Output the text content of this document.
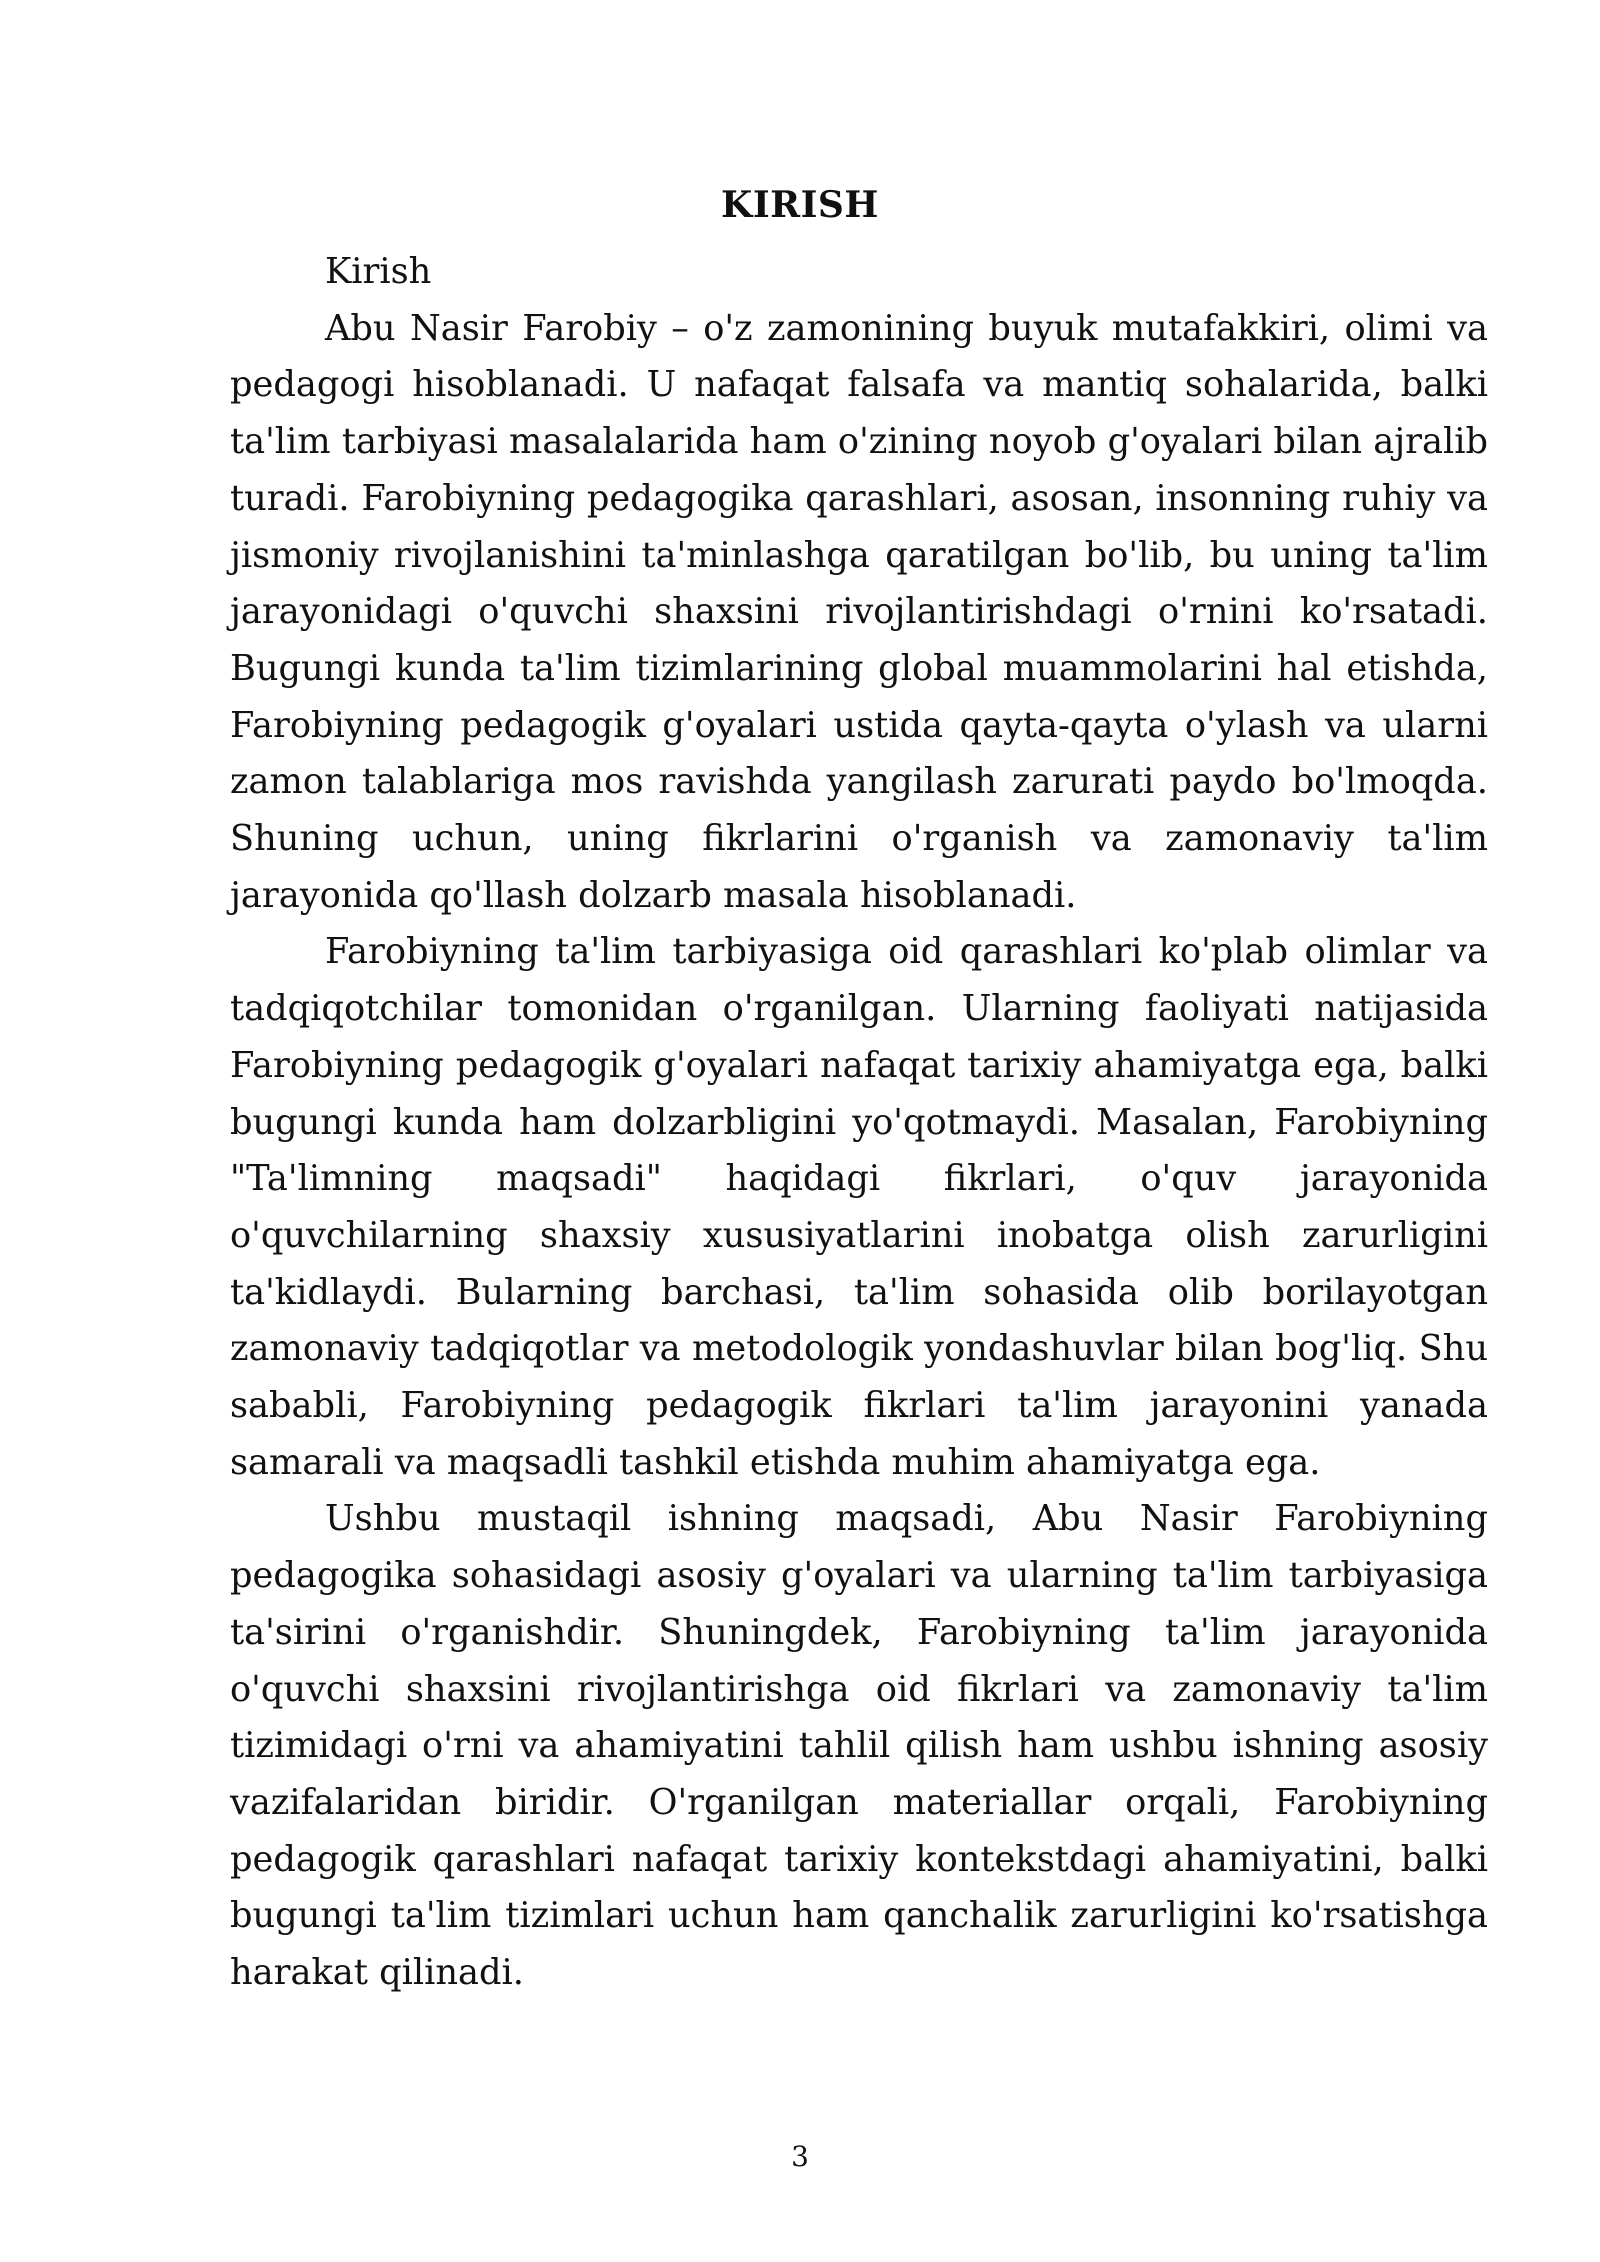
KIRISH

Kirish

Abu Nasir Farobiy – o'z zamonining buyuk mutafakkiri, olimi va pedagogi hisoblanadi. U nafaqat falsafa va mantiq sohalarida, balki ta'lim tarbiyasi masalalarida ham o'zining noyob g'oyalari bilan ajralib turadi. Farobiyning pedagogika qarashlari, asosan, insonning ruhiy va jismoniy rivojlanishini ta'minlashga qaratilgan bo'lib, bu uning ta'lim jarayonidagi o'quvchi shaxsini rivojlantirishdagi o'rnini ko'rsatadi. Bugungi kunda ta'lim tizimlarining global muammolarini hal etishda, Farobiyning pedagogik g'oyalari ustida qayta-qayta o'ylash va ularni zamon talablariga mos ravishda yangilash zarurati paydo bo'lmoqda. Shuning uchun, uning fikrlarini o'rganish va zamonaviy ta'lim jarayonida qo'llash dolzarb masala hisoblanadi.

Farobiyning ta'lim tarbiyasiga oid qarashlari ko'plab olimlar va tadqiqotchilar tomonidan o'rganilgan. Ularning faoliyati natijasida Farobiyning pedagogik g'oyalari nafaqat tarixiy ahamiyatga ega, balki bugungi kunda ham dolzarbligini yo'qotmaydi. Masalan, Farobiyning "Ta'limning maqsadi" haqidagi fikrlari, o'quv jarayonida o'quvchilarning shaxsiy xususiyatlarini inobatga olish zarurligini ta'kidlaydi. Bularning barchasi, ta'lim sohasida olib borilayotgan zamonaviy tadqiqotlar va metodologik yondashuvlar bilan bog'liq. Shu sababli, Farobiyning pedagogik fikrlari ta'lim jarayonini yanada samarali va maqsadli tashkil etishda muhim ahamiyatga ega.

Ushbu mustaqil ishning maqsadi, Abu Nasir Farobiyning pedagogika sohasidagi asosiy g'oyalari va ularning ta'lim tarbiyasiga ta'sirini o'rganishdir. Shuningdek, Farobiyning ta'lim jarayonida o'quvchi shaxsini rivojlantirishga oid fikrlari va zamonaviy ta'lim tizimidagi o'rni va ahamiyatini tahlil qilish ham ushbu ishning asosiy vazifalaridan biridir. O'rganilgan materiallar orqali, Farobiyning pedagogik qarashlari nafaqat tarixiy kontekstdagi ahamiyatini, balki bugungi ta'lim tizimlari uchun ham qanchalik zarurligini ko'rsatishga harakat qilinadi.

3
